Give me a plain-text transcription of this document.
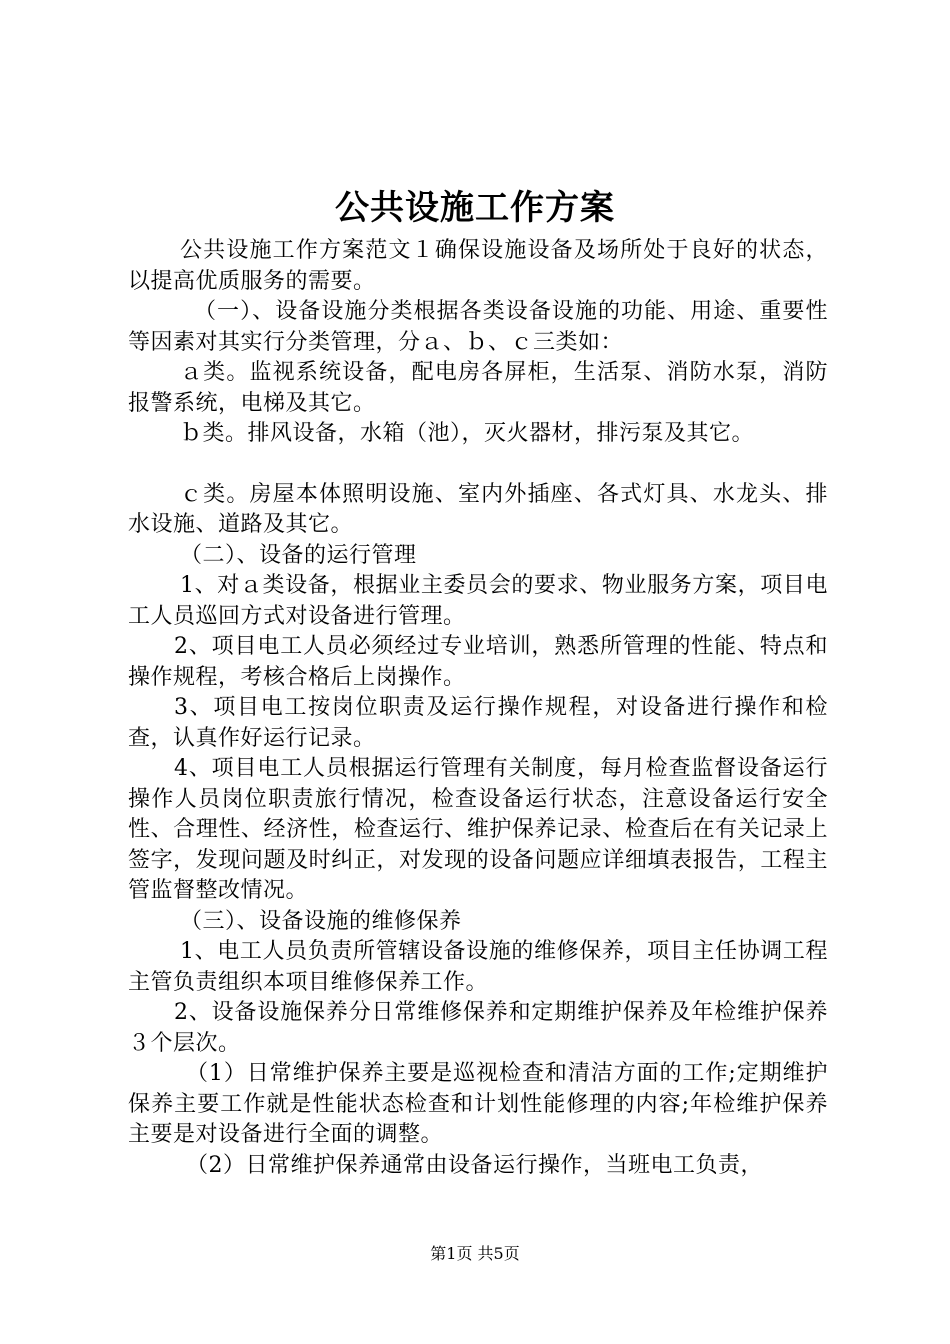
公共设施工作方案

公共设施工作方案范文１确保设施设备及场所处于良好的状态，以提高优质服务的需要。

（一）、设备设施分类根据各类设备设施的功能、用途、重要性等因素对其实行分类管理，分ａ、ｂ、ｃ三类如：

ａ类。监视系统设备，配电房各屏柜，生活泵、消防水泵，消防报警系统，电梯及其它。

ｂ类。排风设备，水箱（池），灭火器材，排污泵及其它。

ｃ类。房屋本体照明设施、室内外插座、各式灯具、水龙头、排水设施、道路及其它。

（二）、设备的运行管理

1、对ａ类设备，根据业主委员会的要求、物业服务方案，项目电工人员巡回方式对设备进行管理。

2、项目电工人员必须经过专业培训，熟悉所管理的性能、特点和操作规程，考核合格后上岗操作。

3、项目电工按岗位职责及运行操作规程，对设备进行操作和检查，认真作好运行记录。

4、项目电工人员根据运行管理有关制度，每月检查监督设备运行操作人员岗位职责旅行情况，检查设备运行状态，注意设备运行安全性、合理性、经济性，检查运行、维护保养记录、检查后在有关记录上签字，发现问题及时纠正，对发现的设备问题应详细填表报告，工程主管监督整改情况。

（三）、设备设施的维修保养

1、电工人员负责所管辖设备设施的维修保养，项目主任协调工程主管负责组织本项目维修保养工作。

2、设备设施保养分日常维修保养和定期维护保养及年检维护保养３个层次。

（1）日常维护保养主要是巡视检查和清洁方面的工作;定期维护保养主要工作就是性能状态检查和计划性能修理的内容;年检维护保养主要是对设备进行全面的调整。

（2）日常维护保养通常由设备运行操作，当班电工负责，

第1页 共5页
